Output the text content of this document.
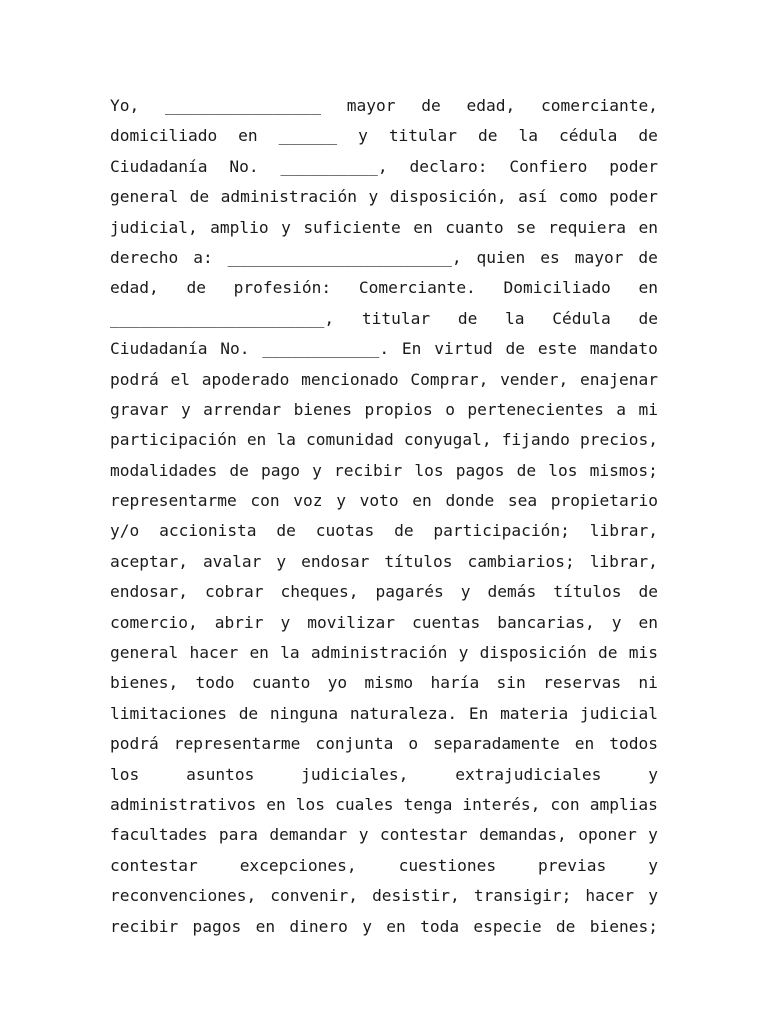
Yo, ________________ mayor de edad, comerciante,
domiciliado en ______ y titular de la cédula de
Ciudadanía No. __________, declaro: Confiero poder
general de administración y disposición, así como poder
judicial, amplio y suficiente en cuanto se requiera en
derecho a: _______________________, quien es mayor de
edad, de profesión: Comerciante. Domiciliado en
______________________, titular de la Cédula de
Ciudadanía No. ____________. En virtud de este mandato
podrá el apoderado mencionado Comprar, vender, enajenar
gravar y arrendar bienes propios o pertenecientes a mi
participación en la comunidad conyugal, fijando precios,
modalidades de pago y recibir los pagos de los mismos;
representarme con voz y voto en donde sea propietario
y/o accionista de cuotas de participación; librar,
aceptar, avalar y endosar títulos cambiarios; librar,
endosar, cobrar cheques, pagarés y demás títulos de
comercio, abrir y movilizar cuentas bancarias, y en
general hacer en la administración y disposición de mis
bienes, todo cuanto yo mismo haría sin reservas ni
limitaciones de ninguna naturaleza. En materia judicial
podrá representarme conjunta o separadamente en todos
los	asuntos	judiciales,	extrajudiciales	y
administrativos en los cuales tenga interés, con amplias
facultades para demandar y contestar demandas, oponer y
contestar	excepciones,	cuestiones	previas	y
reconvenciones, convenir, desistir, transigir; hacer y
recibir pagos en dinero y en toda especie de bienes;
